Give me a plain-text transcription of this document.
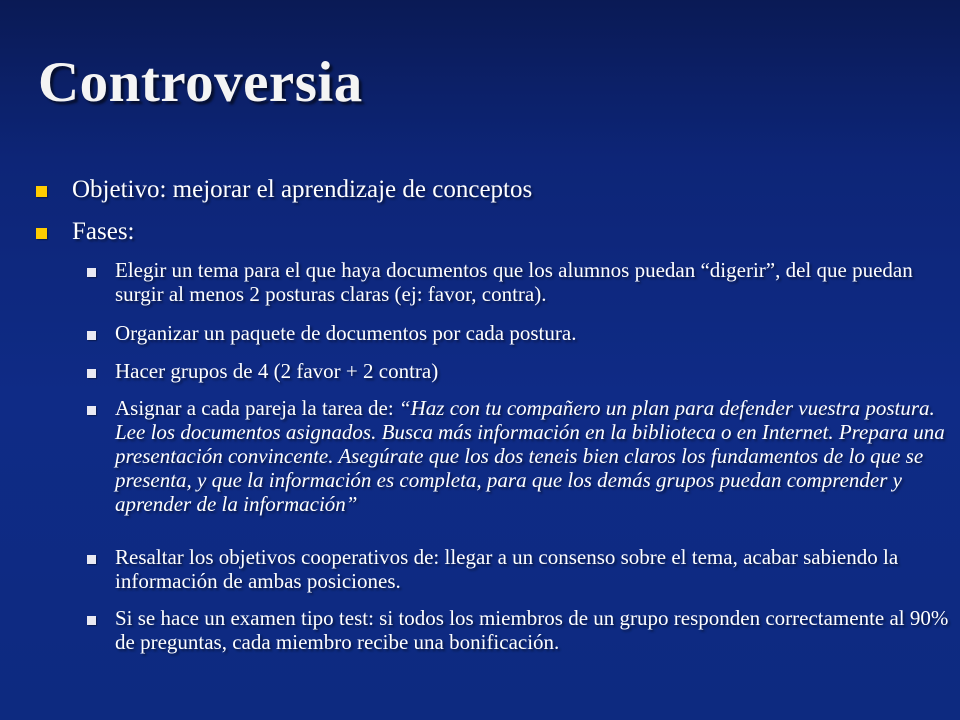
Controversia
Objetivo: mejorar el aprendizaje de conceptos
Fases:
Elegir un tema para el que haya documentos que los alumnos puedan “digerir”, del que puedan surgir al menos 2 posturas claras (ej: favor, contra).
Organizar un paquete de documentos por cada postura.
Hacer grupos de 4 (2 favor + 2 contra)
Asignar a cada pareja la tarea de: “Haz con tu compañero un plan para defender vuestra postura. Lee los documentos asignados. Busca más información en la biblioteca o en Internet. Prepara una presentación convincente. Asegúrate que los dos teneis bien claros los fundamentos de lo que se presenta, y que la información es completa, para que los demás grupos puedan comprender y aprender de la información”
Resaltar los objetivos cooperativos de: llegar a un consenso sobre el tema, acabar sabiendo la información de ambas posiciones.
Si se hace un examen tipo test: si todos los miembros de un grupo responden correctamente al 90% de preguntas, cada miembro recibe una bonificación.
